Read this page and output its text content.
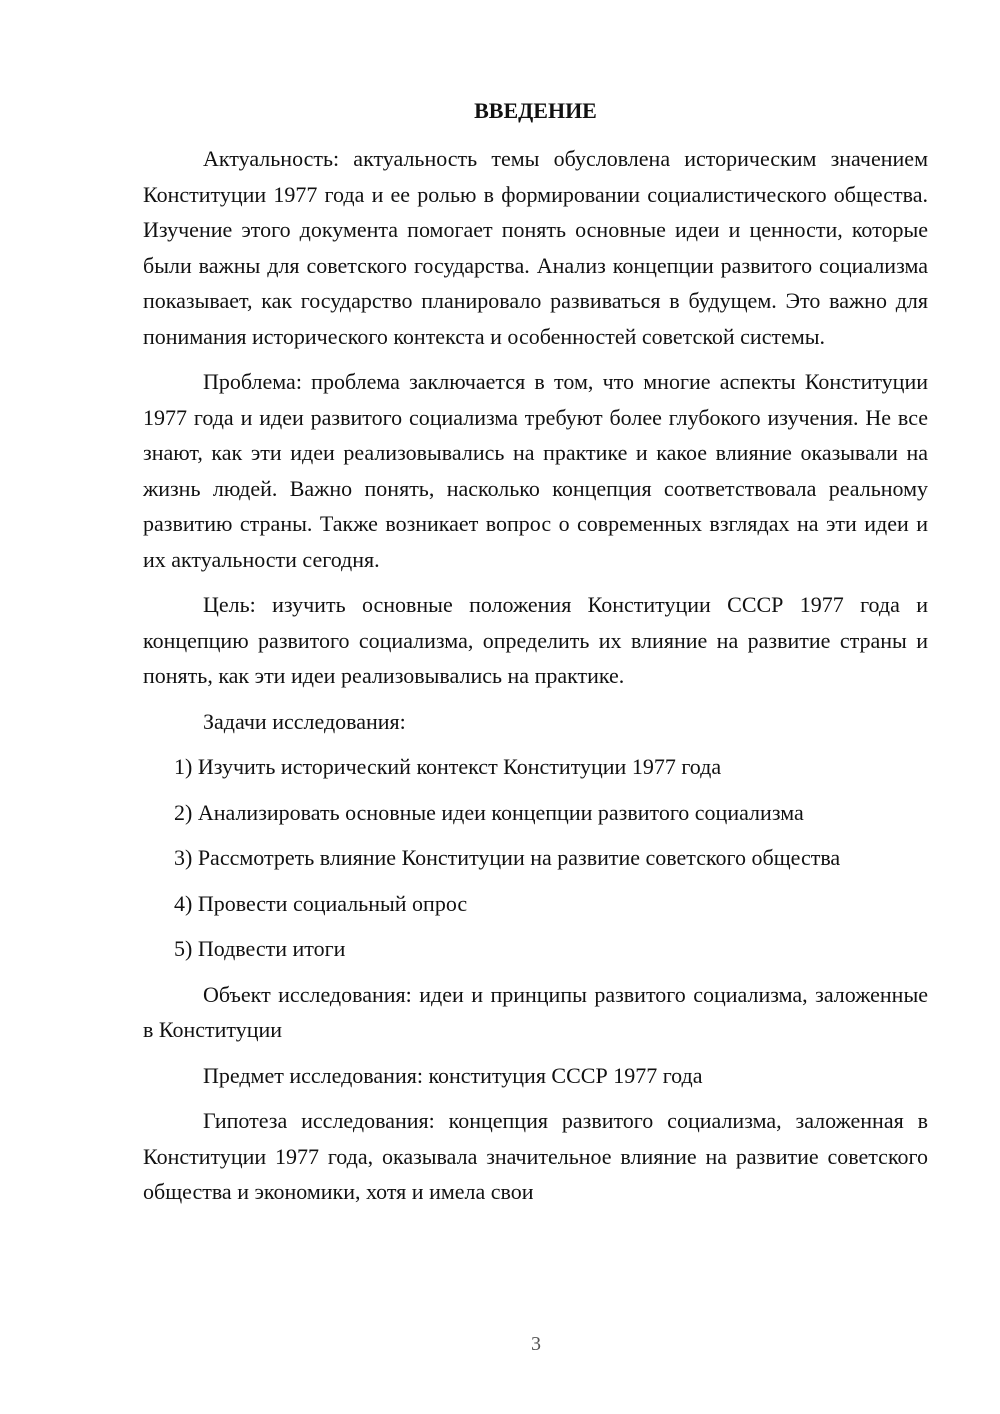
ВВЕДЕНИЕ

Актуальность: актуальность темы обусловлена историческим значением Конституции 1977 года и ее ролью в формировании социалистического общества. Изучение этого документа помогает понять основные идеи и ценности, которые были важны для советского государства. Анализ концепции развитого социализма показывает, как государство планировало развиваться в будущем. Это важно для понимания исторического контекста и особенностей советской системы.

Проблема: проблема заключается в том, что многие аспекты Конституции 1977 года и идеи развитого социализма требуют более глубокого изучения. Не все знают, как эти идеи реализовывались на практике и какое влияние оказывали на жизнь людей. Важно понять, насколько концепция соответствовала реальному развитию страны. Также возникает вопрос о современных взглядах на эти идеи и их актуальности сегодня.

Цель: изучить основные положения Конституции СССР 1977 года и концепцию развитого социализма, определить их влияние на развитие страны и понять, как эти идеи реализовывались на практике.

Задачи исследования:

1) Изучить исторический контекст Конституции 1977 года

2) Анализировать основные идеи концепции развитого социализма

3) Рассмотреть влияние Конституции на развитие советского общества

4) Провести социальный опрос

5) Подвести итоги

Объект исследования: идеи и принципы развитого социализма, заложенные в Конституции

Предмет исследования: конституция СССР 1977 года

Гипотеза исследования: концепция развитого социализма, заложенная в Конституции 1977 года, оказывала значительное влияние на развитие советского общества и экономики, хотя и имела свои

3
